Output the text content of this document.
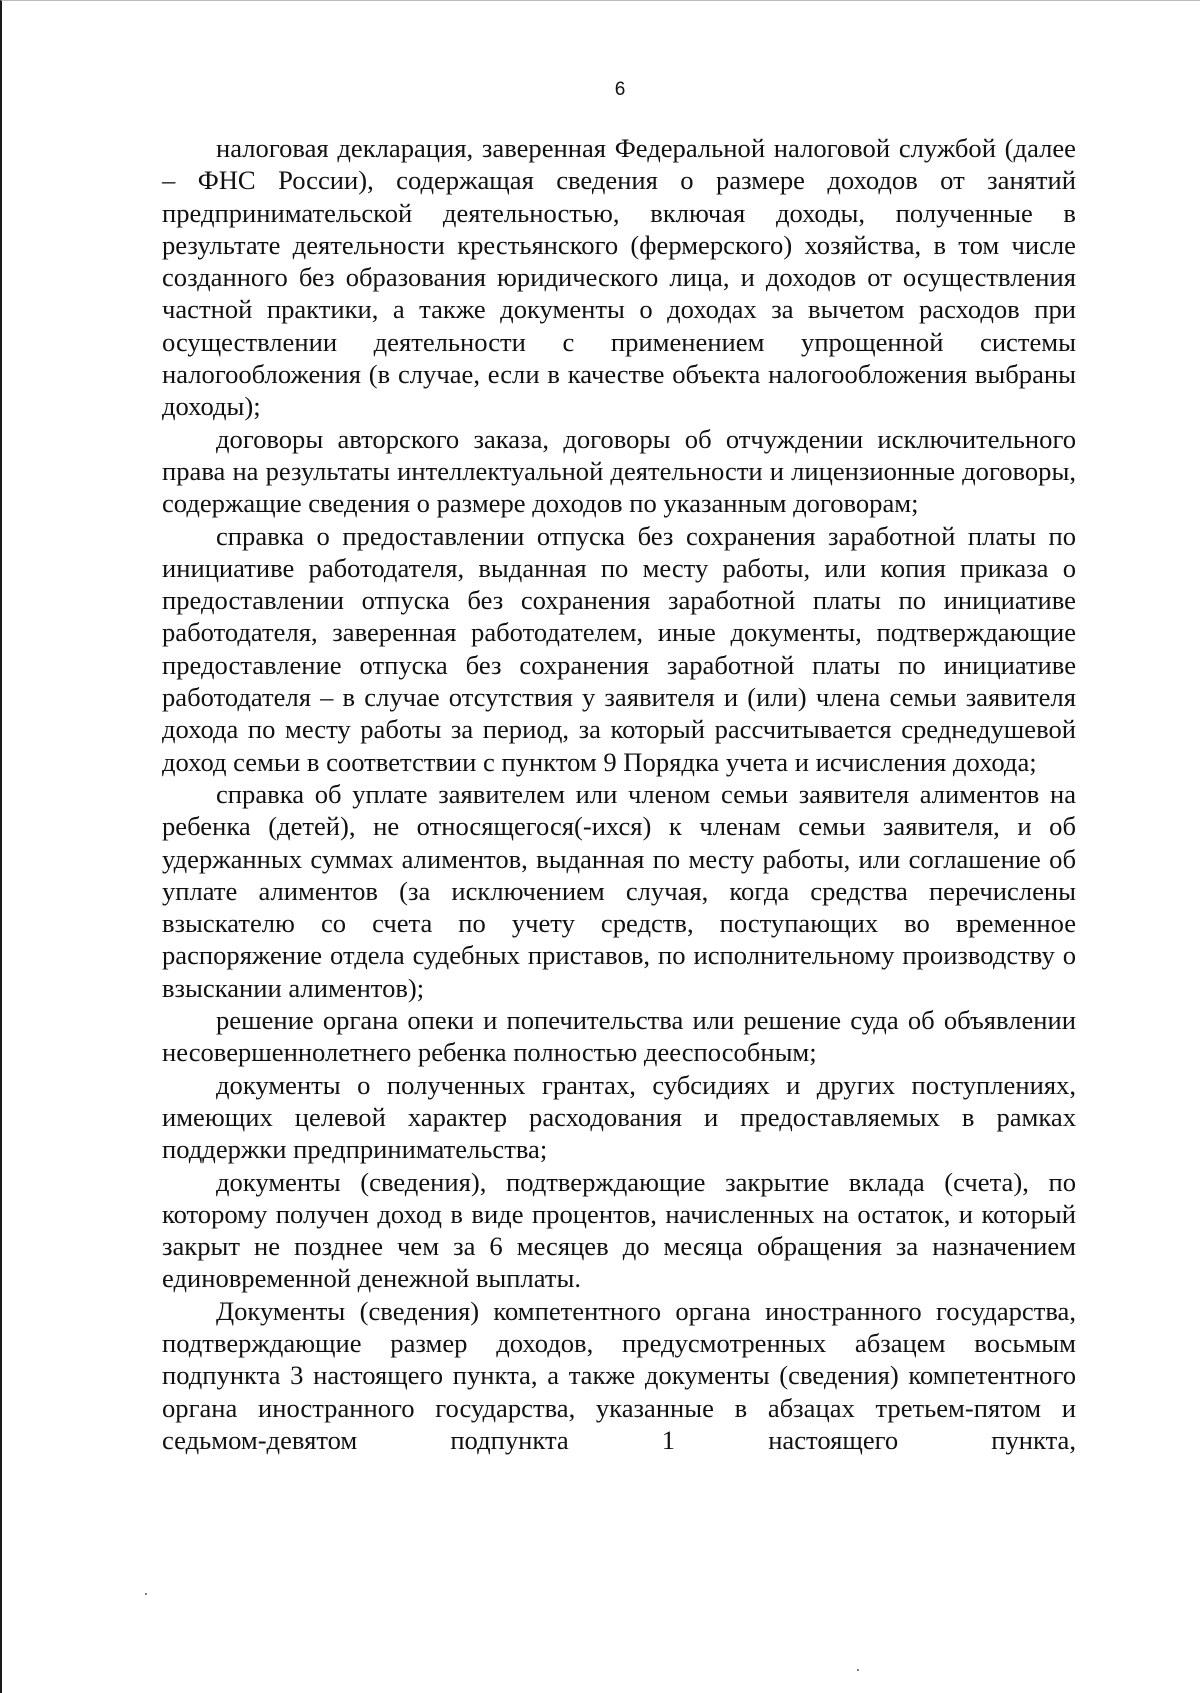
6

налоговая декларация, заверенная Федеральной налоговой службой (далее – ФНС России), содержащая сведения о размере доходов от занятий предпринимательской деятельностью, включая доходы, полученные в результате деятельности крестьянского (фермерского) хозяйства, в том числе созданного без образования юридического лица, и доходов от осуществления частной практики, а также документы о доходах за вычетом расходов при осуществлении деятельности с применением упрощенной системы налогообложения (в случае, если в качестве объекта налогообложения выбраны доходы);

договоры авторского заказа, договоры об отчуждении исключительного права на результаты интеллектуальной деятельности и лицензионные договоры, содержащие сведения о размере доходов по указанным договорам;

справка о предоставлении отпуска без сохранения заработной платы по инициативе работодателя, выданная по месту работы, или копия приказа о предоставлении отпуска без сохранения заработной платы по инициативе работодателя, заверенная работодателем, иные документы, подтверждающие предоставление отпуска без сохранения заработной платы по инициативе работодателя – в случае отсутствия у заявителя и (или) члена семьи заявителя дохода по месту работы за период, за который рассчитывается среднедушевой доход семьи в соответствии с пунктом 9 Порядка учета и исчисления дохода;

справка об уплате заявителем или членом семьи заявителя алиментов на ребенка (детей), не относящегося(-ихся) к членам семьи заявителя, и об удержанных суммах алиментов, выданная по месту работы, или соглашение об уплате алиментов (за исключением случая, когда средства перечислены взыскателю со счета по учету средств, поступающих во временное распоряжение отдела судебных приставов, по исполнительному производству о взыскании алиментов);

решение органа опеки и попечительства или решение суда об объявлении несовершеннолетнего ребенка полностью дееспособным;

документы о полученных грантах, субсидиях и других поступлениях, имеющих целевой характер расходования и предоставляемых в рамках поддержки предпринимательства;

документы (сведения), подтверждающие закрытие вклада (счета), по которому получен доход в виде процентов, начисленных на остаток, и который закрыт не позднее чем за 6 месяцев до месяца обращения за назначением единовременной денежной выплаты.

Документы (сведения) компетентного органа иностранного государства, подтверждающие размер доходов, предусмотренных абзацем восьмым подпункта 3 настоящего пункта, а также документы (сведения) компетентного органа иностранного государства, указанные в абзацах третьем-пятом и седьмом-девятом подпункта 1 настоящего пункта,
